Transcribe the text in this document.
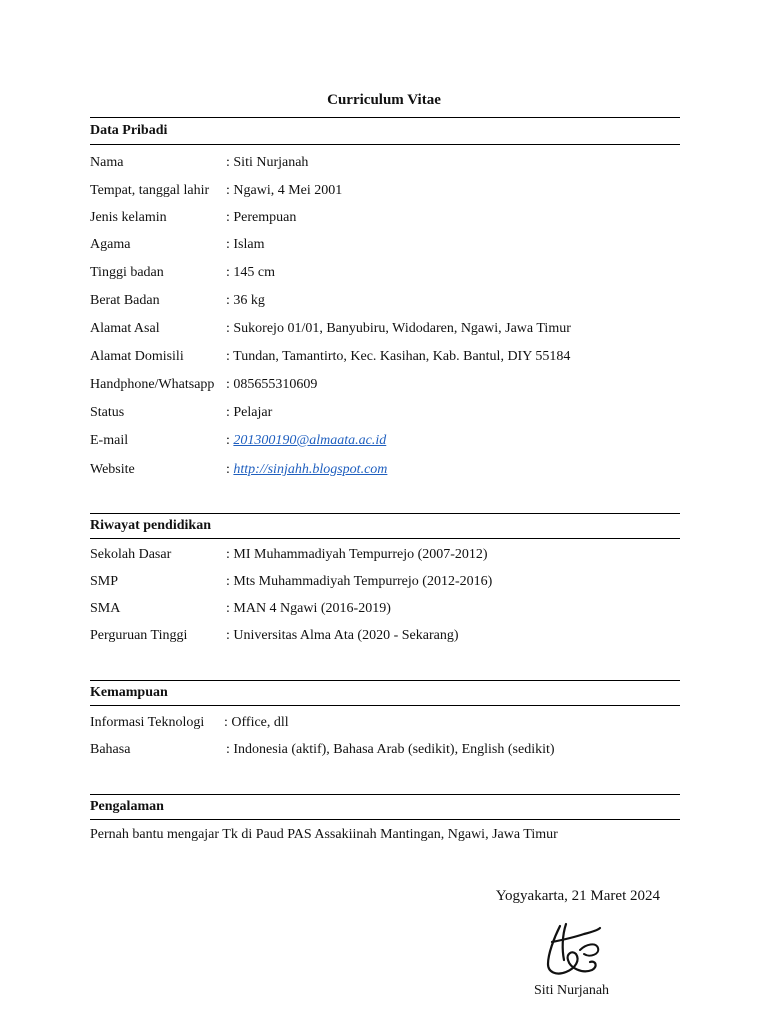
Curriculum Vitae
Data Pribadi
Nama	: Siti Nurjanah
Tempat, tanggal lahir : Ngawi, 4 Mei 2001
Jenis kelamin	: Perempuan
Agama	: Islam
Tinggi badan	: 145 cm
Berat Badan	: 36 kg
Alamat Asal	: Sukorejo 01/01, Banyubiru, Widodaren, Ngawi, Jawa Timur
Alamat Domisili	: Tundan, Tamantirto, Kec. Kasihan, Kab. Bantul, DIY 55184
Handphone/Whatsapp : 085655310609
Status	: Pelajar
E-mail	: 201300190@almaata.ac.id
Website	: http://sinjahh.blogspot.com
Riwayat pendidikan
Sekolah Dasar	: MI Muhammadiyah Tempurrejo (2007-2012)
SMP	: Mts Muhammadiyah Tempurrejo (2012-2016)
SMA	: MAN 4 Ngawi (2016-2019)
Perguruan Tinggi	: Universitas Alma Ata (2020 - Sekarang)
Kemampuan
Informasi Teknologi : Office, dll
Bahasa	: Indonesia (aktif), Bahasa Arab (sedikit), English (sedikit)
Pengalaman
Pernah bantu mengajar Tk di Paud PAS Assakiinah Mantingan, Ngawi, Jawa Timur
Yogyakarta, 21 Maret 2024
Siti Nurjanah
